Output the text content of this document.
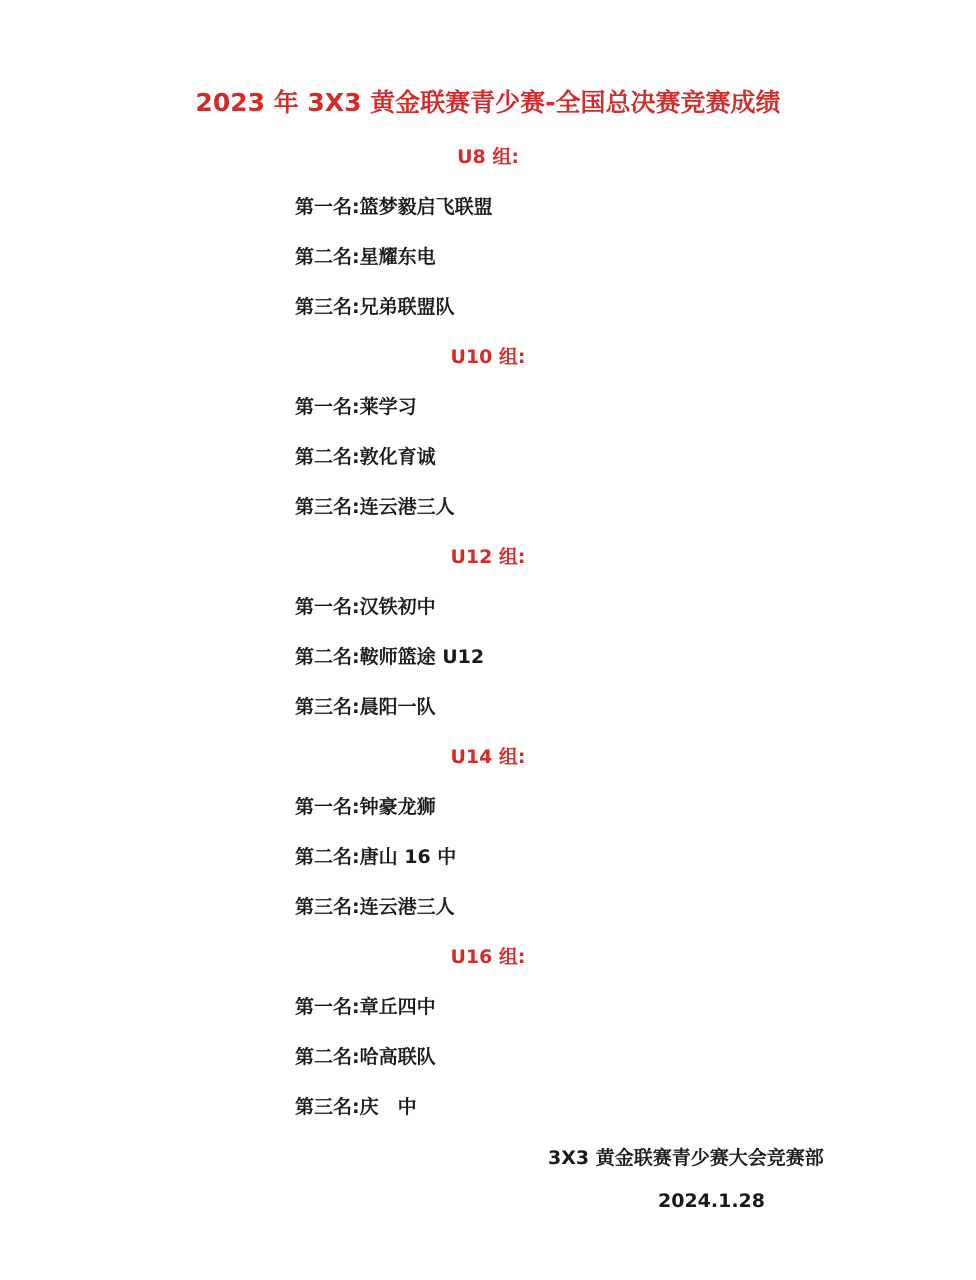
2023 年 3X3 黄金联赛青少赛-全国总决赛竞赛成绩
U8 组:
第一名:篮梦毅启飞联盟
第二名:星耀东电
第三名:兄弟联盟队
U10 组:
第一名:莱学习
第二名:敦化育诚
第三名:连云港三人
U12 组:
第一名:汉铁初中
第二名:鞍师篮途 U12
第三名:晨阳一队
U14 组:
第一名:钟豪龙狮
第二名:唐山 16 中
第三名:连云港三人
U16 组:
第一名:章丘四中
第二名:哈高联队
第三名:庆　中
3X3 黄金联赛青少赛大会竞赛部
2024.1.28
